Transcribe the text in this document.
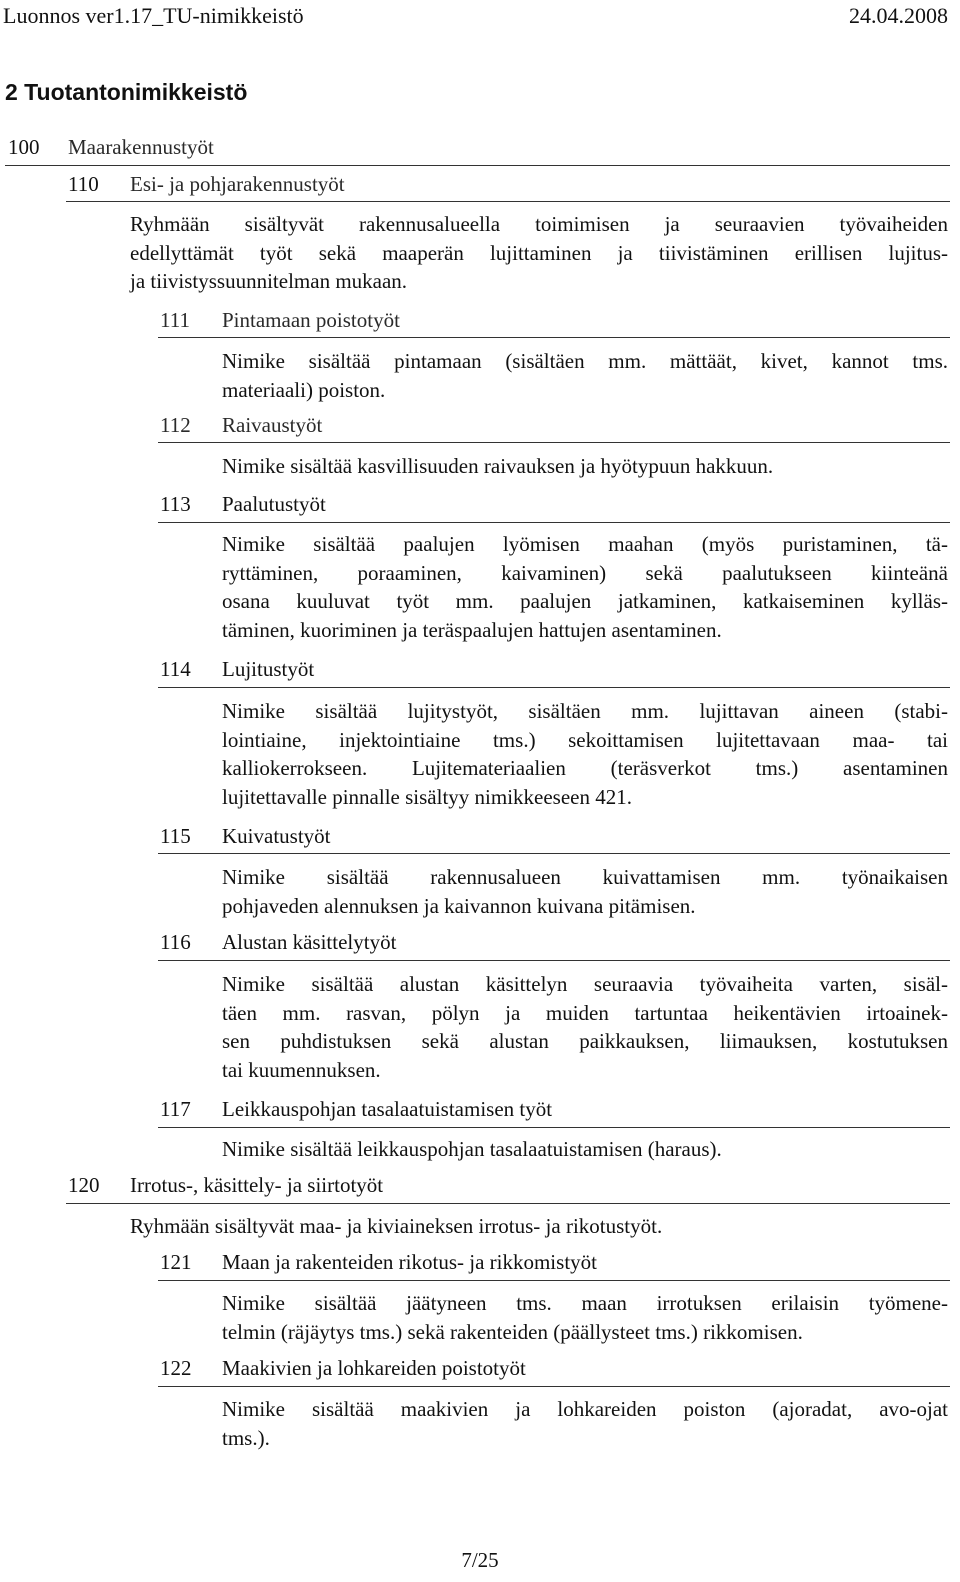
Luonnos ver1.17_TU-nimikkeistö	24.04.2008
2 Tuotantonimikkeistö
100 Maarakennustyöt
110 Esi- ja pohjarakennustyöt
Ryhmään sisältyvät rakennusalueella toimimisen ja seuraavien työvaiheiden
edellyttämät työt sekä maaperän lujittaminen ja tiivistäminen erillisen lujitus-
ja tiivistyssuunnitelman mukaan.
111 Pintamaan poistotyöt
Nimike sisältää pintamaan (sisältäen mm. mättäät, kivet, kannot tms.
materiaali) poiston.
112 Raivaustyöt
Nimike sisältää kasvillisuuden raivauksen ja hyötypuun hakkuun.
113 Paalutustyöt
Nimike sisältää paalujen lyömisen maahan (myös puristaminen, tä-
ryttäminen, poraaminen, kaivaminen) sekä paalutukseen kiinteänä
osana kuuluvat työt mm. paalujen jatkaminen, katkaiseminen kylläs-
täminen, kuoriminen ja teräspaalujen hattujen asentaminen.
114 Lujitustyöt
Nimike sisältää lujitystyöt, sisältäen mm. lujittavan aineen (stabi-
lointiaine, injektointiaine tms.) sekoittamisen lujitettavaan maa- tai
kalliokerrokseen. Lujitemateriaalien (teräsverkot tms.) asentaminen
lujitettavalle pinnalle sisältyy nimikkeeseen 421.
115 Kuivatustyöt
Nimike sisältää rakennusalueen kuivattamisen mm. työnaikaisen
pohjaveden alennuksen ja kaivannon kuivana pitämisen.
116 Alustan käsittelytyöt
Nimike sisältää alustan käsittelyn seuraavia työvaiheita varten, sisäl-
täen mm. rasvan, pölyn ja muiden tartuntaa heikentävien irtoainek-
sen puhdistuksen sekä alustan paikkauksen, liimauksen, kostutuksen
tai kuumennuksen.
117 Leikkauspohjan tasalaatuistamisen työt
Nimike sisältää leikkauspohjan tasalaatuistamisen (haraus).
120 Irrotus-, käsittely- ja siirtotyöt
Ryhmään sisältyvät maa- ja kiviaineksen irrotus- ja rikotustyöt.
121 Maan ja rakenteiden rikotus- ja rikkomistyöt
Nimike sisältää jäätyneen tms. maan irrotuksen erilaisin työmene-
telmin (räjäytys tms.) sekä rakenteiden (päällysteet tms.) rikkomisen.
122 Maakivien ja lohkareiden poistotyöt
Nimike sisältää maakivien ja lohkareiden poiston (ajoradat, avo-ojat
tms.).
7/25
